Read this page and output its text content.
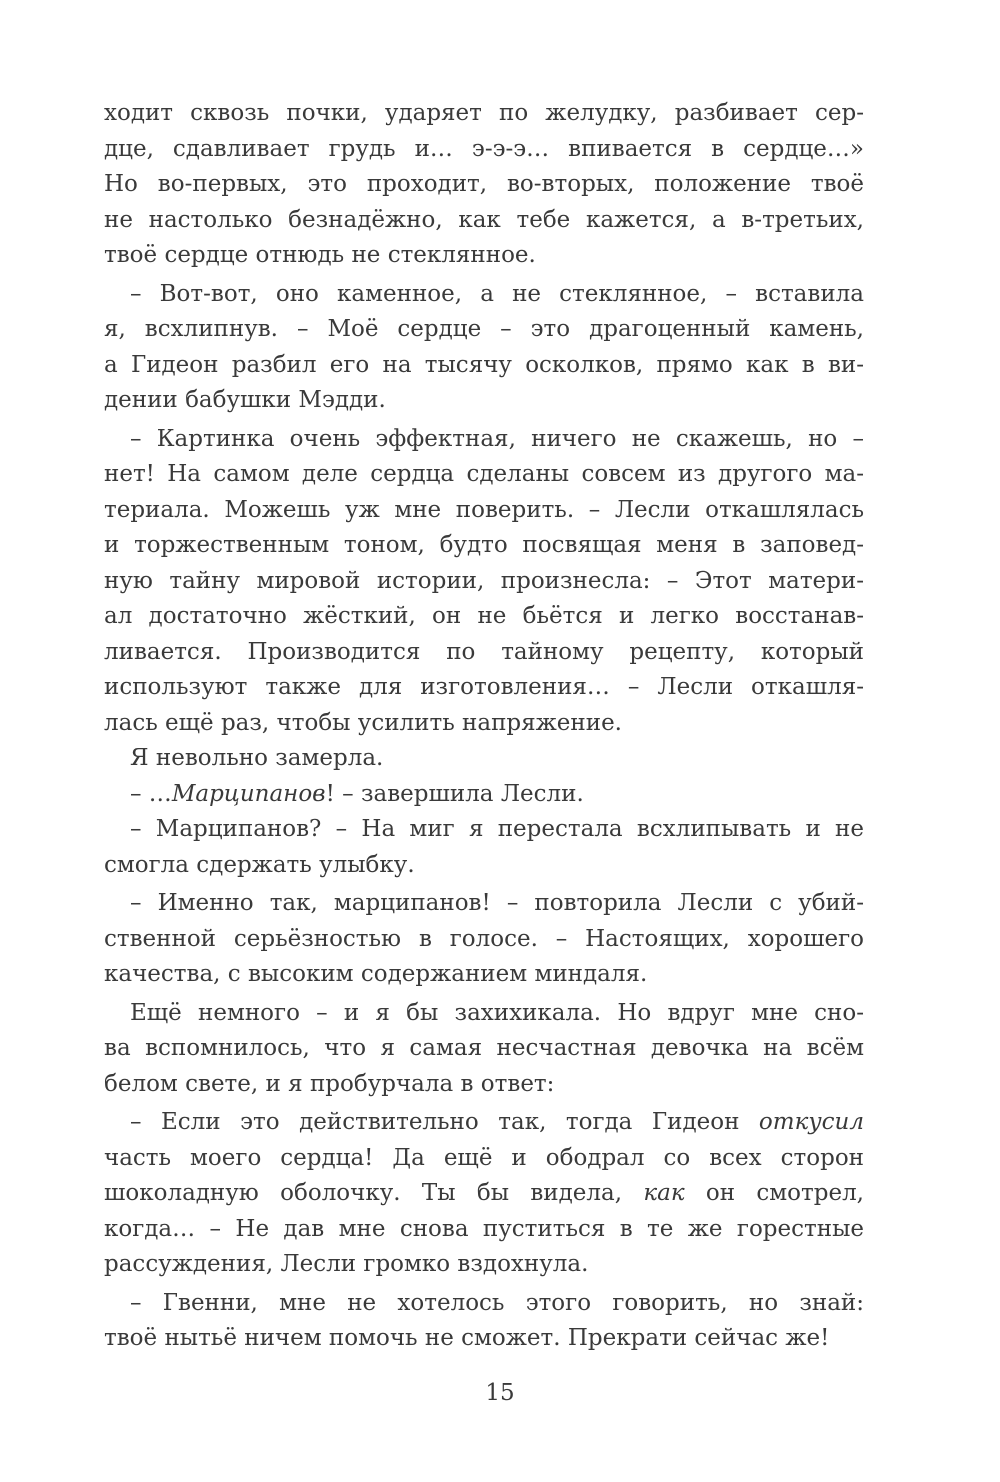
ходит сквозь почки, ударяет по желудку, разбивает сер-
дце, сдавливает грудь и… э-э-э… впивается в сердце…»
Но во-первых, это проходит, во-вторых, положение твоё
не настолько безнадёжно, как тебе кажется, а в-третьих,
твоё сердце отнюдь не стеклянное.
– Вот-вот, оно каменное, а не стеклянное, – вставила
я, всхлипнув. – Моё сердце – это драгоценный камень,
а Гидеон разбил его на тысячу осколков, прямо как в ви-
дении бабушки Мэдди.
– Картинка очень эффектная, ничего не скажешь, но –
нет! На самом деле сердца сделаны совсем из другого ма-
териала. Можешь уж мне поверить. – Лесли откашлялась
и торжественным тоном, будто посвящая меня в заповед-
ную тайну мировой истории, произнесла: – Этот матери-
ал достаточно жёсткий, он не бьётся и легко восстанав-
ливается. Производится по тайному рецепту, который
используют также для изготовления… – Лесли откашля-
лась ещё раз, чтобы усилить напряжение.
Я невольно замерла.
– …Марципанов! – завершила Лесли.
– Марципанов? – На миг я перестала всхлипывать и не
смогла сдержать улыбку.
– Именно так, марципанов! – повторила Лесли с убий-
ственной серьёзностью в голосе. – Настоящих, хорошего
качества, с высоким содержанием миндаля.
Ещё немного – и я бы захихикала. Но вдруг мне сно-
ва вспомнилось, что я самая несчастная девочка на всём
белом свете, и я пробурчала в ответ:
– Если это действительно так, тогда Гидеон откусил
часть моего сердца! Да ещё и ободрал со всех сторон
шоколадную оболочку. Ты бы видела, как он смотрел,
когда… – Не дав мне снова пуститься в те же горестные
рассуждения, Лесли громко вздохнула.
– Гвенни, мне не хотелось этого говорить, но знай:
твоё нытьё ничем помочь не сможет. Прекрати сейчас же!
15
